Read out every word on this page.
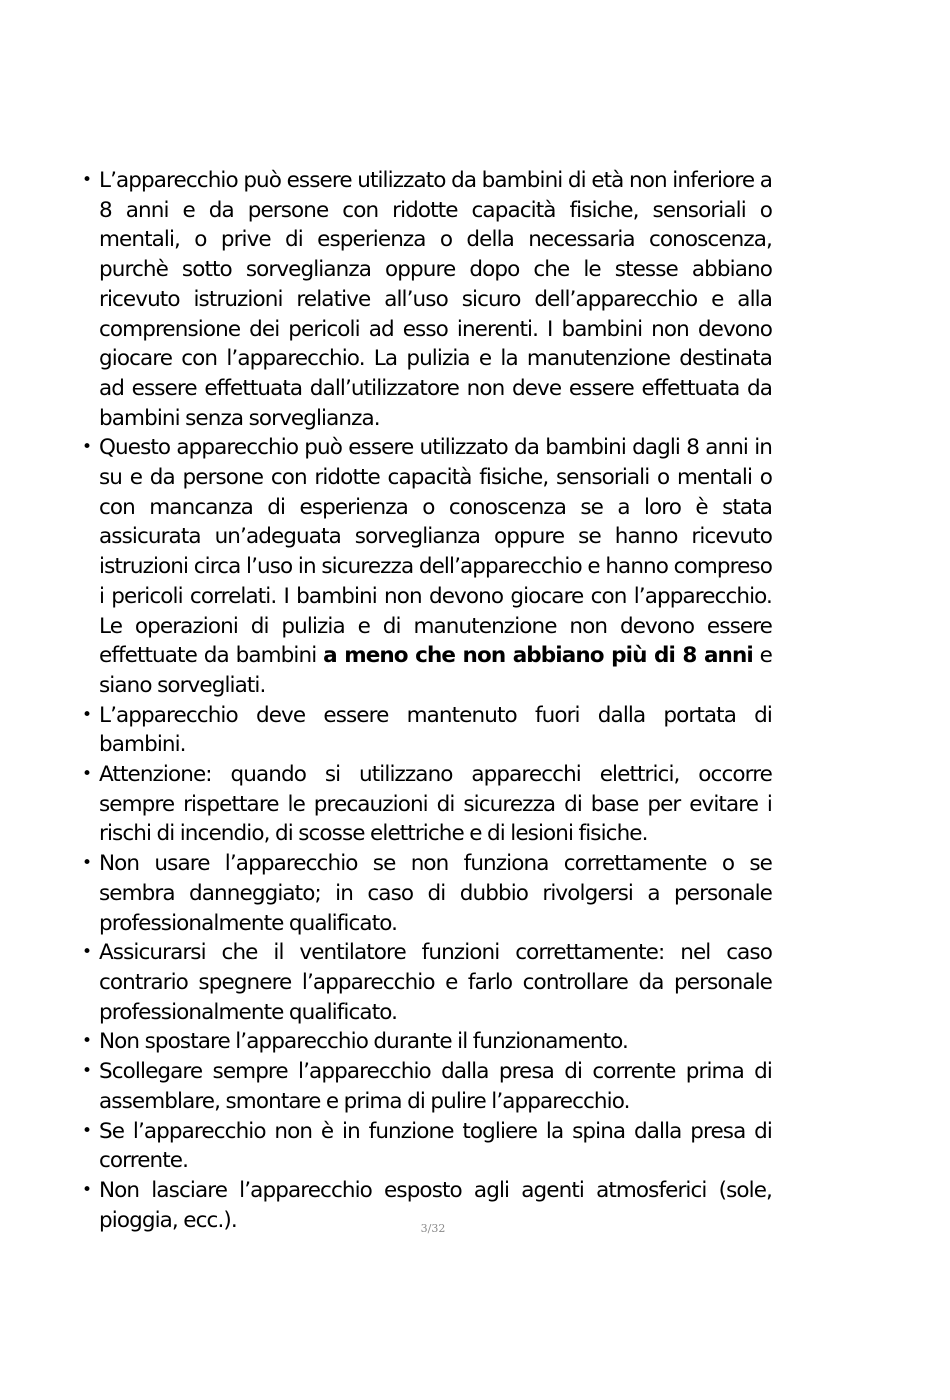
• L’apparecchio può essere utilizzato da bambini di età non inferiore a 8 anni e da persone con ridotte capacità fisiche, sensoriali o mentali, o prive di esperienza o della necessaria conoscenza, purchè sotto sorveglianza oppure dopo che le stesse abbiano ricevuto istruzioni relative all’uso sicuro dell’apparecchio e alla comprensione dei pericoli ad esso inerenti. I bambini non devono giocare con l’apparecchio. La pulizia e la manutenzione destinata ad essere effettuata dall’utilizzatore non deve essere effettuata da bambini senza sorveglianza.
• Questo apparecchio può essere utilizzato da bambini dagli 8 anni in su e da persone con ridotte capacità fisiche, sensoriali o mentali o con mancanza di esperienza o conoscenza se a loro è stata assicurata un’adeguata sorveglianza oppure se hanno ricevuto istruzioni circa l’uso in sicurezza dell’apparecchio e hanno compreso i pericoli correlati. I bambini non devono giocare con l’apparecchio. Le operazioni di pulizia e di manutenzione non devono essere effettuate da bambini a meno che non abbiano più di 8 anni e siano sorvegliati.
• L’apparecchio deve essere mantenuto fuori dalla portata di bambini.
• Attenzione: quando si utilizzano apparecchi elettrici, occorre sempre rispettare le precauzioni di sicurezza di base per evitare i rischi di incendio, di scosse elettriche e di lesioni fisiche.
• Non usare l’apparecchio se non funziona correttamente o se sembra danneggiato; in caso di dubbio rivolgersi a personale professionalmente qualificato.
• Assicurarsi che il ventilatore funzioni correttamente: nel caso contrario spegnere l’apparecchio e farlo controllare da personale professionalmente qualificato.
• Non spostare l’apparecchio durante il funzionamento.
• Scollegare sempre l’apparecchio dalla presa di corrente prima di assemblare, smontare e prima di pulire l’apparecchio.
• Se l’apparecchio non è in funzione togliere la spina dalla presa di corrente.
• Non lasciare l’apparecchio esposto agli agenti atmosferici (sole, pioggia, ecc.).	3/32
